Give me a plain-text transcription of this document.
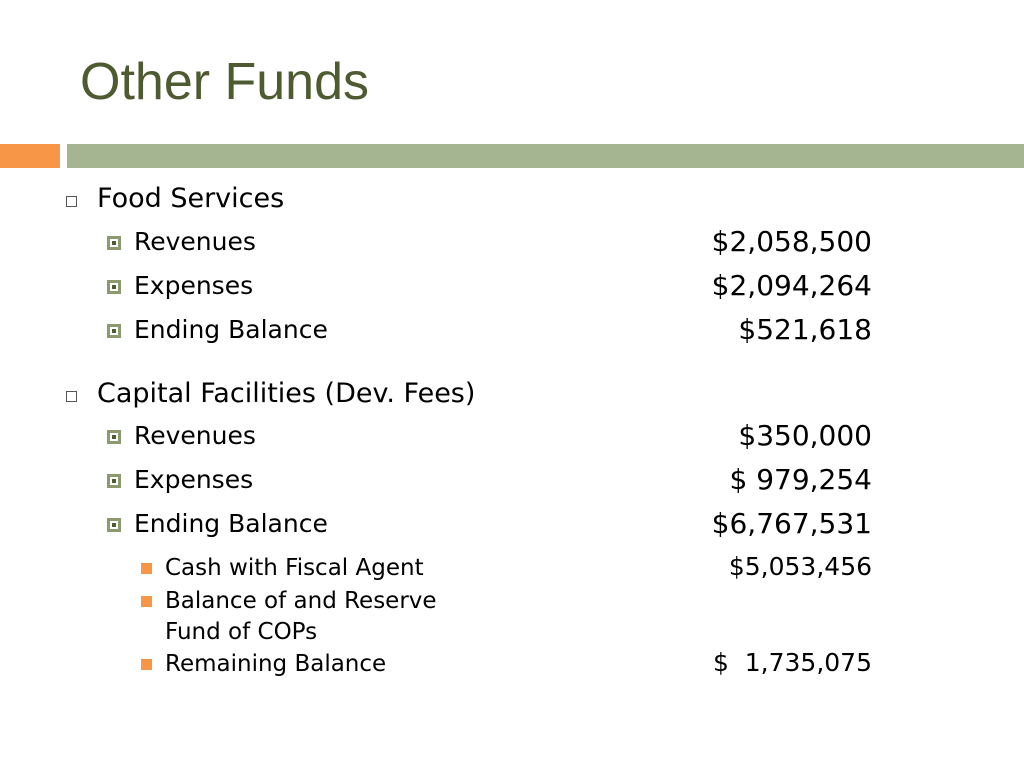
Other Funds
Food Services
Revenues	$2,058,500
Expenses	$2,094,264
Ending Balance	$521,618
Capital Facilities (Dev. Fees)
Revenues	$350,000
Expenses	$ 979,254
Ending Balance	$6,767,531
Cash with Fiscal Agent	$5,053,456
Balance of and Reserve
Fund of COPs
Remaining Balance	$  1,735,075
